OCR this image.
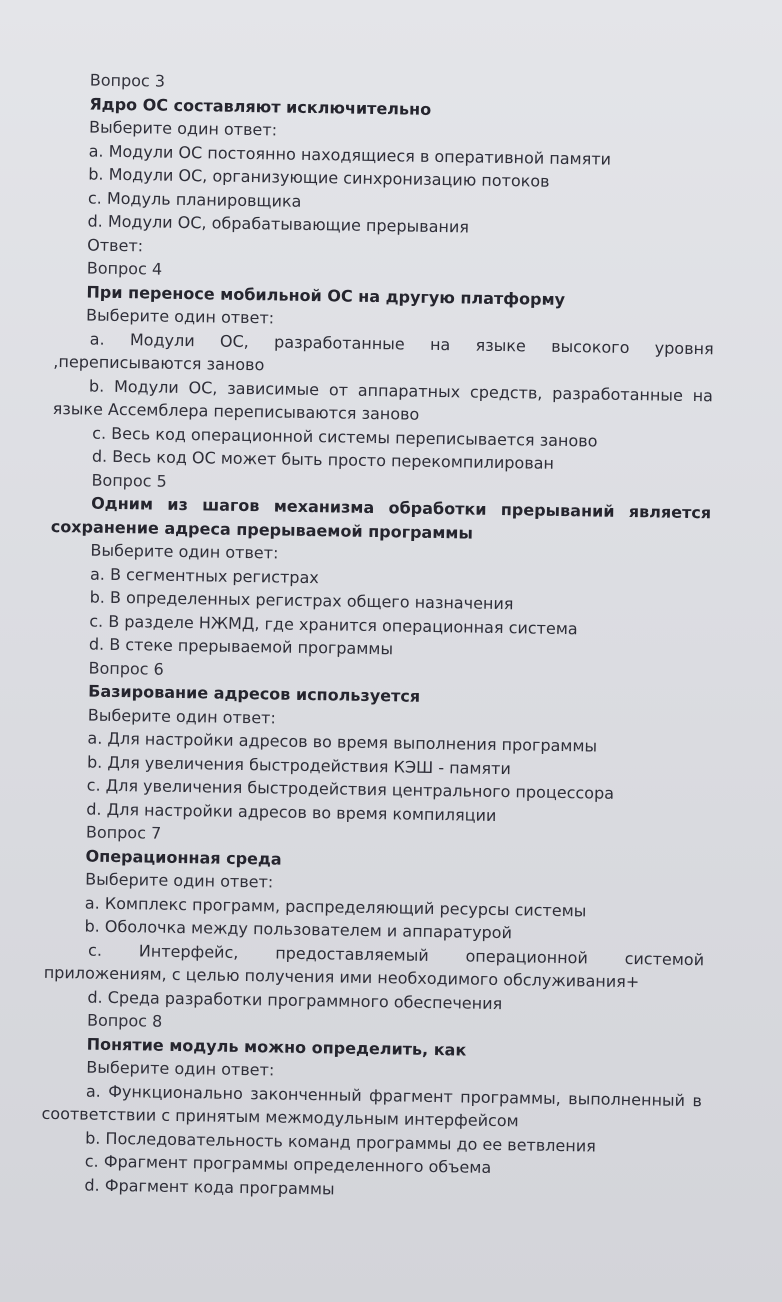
Вопрос 3
Ядро ОС составляют исключительно
Выберите один ответ:
а. Модули ОС постоянно находящиеся в оперативной памяти
b. Модули ОС, организующие синхронизацию потоков
c. Модуль планировщика
d. Модули ОС, обрабатывающие прерывания
Ответ:
Вопрос 4
При переносе мобильной ОС на другую платформу
Выберите один ответ:
а. Модули ОС, разработанные на языке высокого уровня ,переписываются заново
b. Модули ОС, зависимые от аппаратных средств, разработанные на языке Ассемблера переписываются заново
c. Весь код операционной системы переписывается заново
d. Весь код ОС может быть просто перекомпилирован
Вопрос 5
Одним из шагов механизма обработки прерываний является сохранение адреса прерываемой программы
Выберите один ответ:
а. В сегментных регистрах
b. В определенных регистрах общего назначения
c. В разделе НЖМД, где хранится операционная система
d. В стеке прерываемой программы
Вопрос 6
Базирование адресов используется
Выберите один ответ:
а. Для настройки адресов во время выполнения программы
b. Для увеличения быстродействия КЭШ - памяти
c. Для увеличения быстродействия центрального процессора
d. Для настройки адресов во время компиляции
Вопрос 7
Операционная среда
Выберите один ответ:
а. Комплекс программ, распределяющий ресурсы системы
b. Оболочка между пользователем и аппаратурой
c. Интерфейс, предоставляемый операционной системой приложениям, с целью получения ими необходимого обслуживания+
d. Среда разработки программного обеспечения
Вопрос 8
Понятие модуль можно определить, как
Выберите один ответ:
а. Функционально законченный фрагмент программы, выполненный в соответствии с принятым межмодульным интерфейсом
b. Последовательность команд программы до ее ветвления
c. Фрагмент программы определенного объема
d. Фрагмент кода программы
